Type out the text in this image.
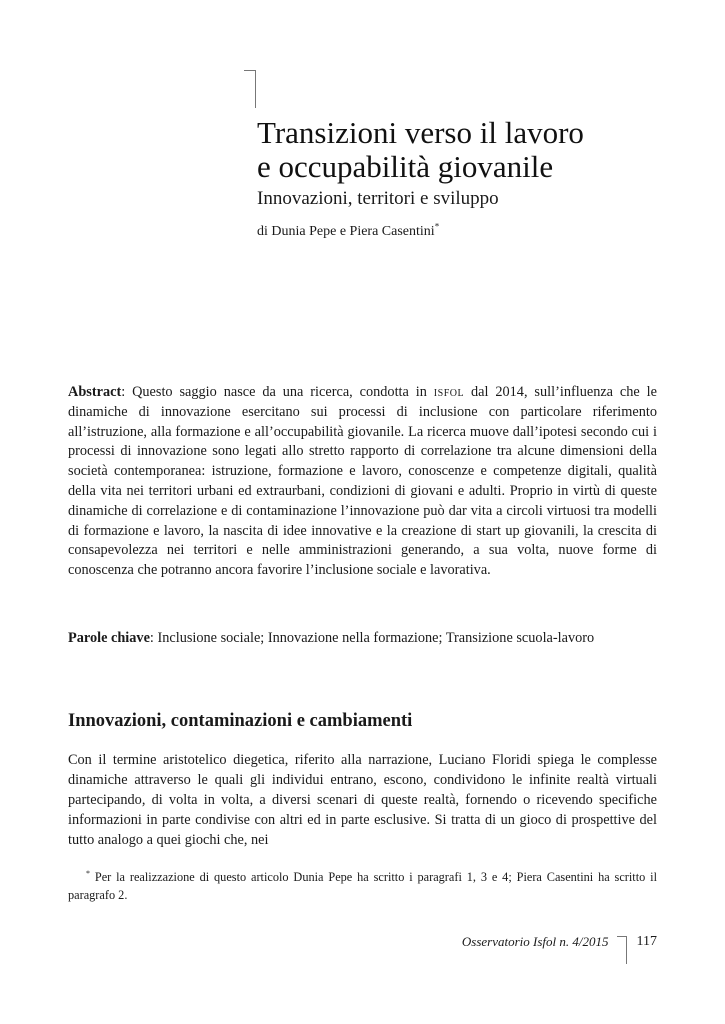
Transizioni verso il lavoro
e occupabilità giovanile
Innovazioni, territori e sviluppo

di Dunia Pepe e Piera Casentini*

Abstract: Questo saggio nasce da una ricerca, condotta in isfol dal 2014, sull’influenza che le dinamiche di innovazione esercitano sui processi di inclusione con particolare riferimento all’istruzione, alla formazione e all’occupabilità giovanile. La ricerca muove dall’ipotesi secondo cui i processi di innovazione sono legati allo stretto rapporto di correlazione tra alcune dimensioni della società contemporanea: istruzione, formazione e lavoro, conoscenze e competenze digitali, qualità della vita nei territori urbani ed extraurbani, condizioni di giovani e adulti. Proprio in virtù di queste dinamiche di correlazione e di contaminazione l’innovazione può dar vita a circoli virtuosi tra modelli di formazione e lavoro, la nascita di idee innovative e la creazione di start up giovanili, la crescita di consapevolezza nei territori e nelle amministrazioni generando, a sua volta, nuove forme di conoscenza che potranno ancora favorire l’inclusione sociale e lavorativa.

Parole chiave: Inclusione sociale; Innovazione nella formazione; Transizione scuola-lavoro

Innovazioni, contaminazioni e cambiamenti

Con il termine aristotelico diegetica, riferito alla narrazione, Luciano Floridi spiega le complesse dinamiche attraverso le quali gli individui entrano, escono, condividono le infinite realtà virtuali partecipando, di volta in volta, a diversi scenari di queste realtà, fornendo o ricevendo specifiche informazioni in parte condivise con altri ed in parte esclusive. Si tratta di un gioco di prospettive del tutto analogo a quei giochi che, nei

* Per la realizzazione di questo articolo Dunia Pepe ha scritto i paragrafi 1, 3 e 4; Piera Casentini ha scritto il paragrafo 2.

Osservatorio Isfol n. 4/2015 117
